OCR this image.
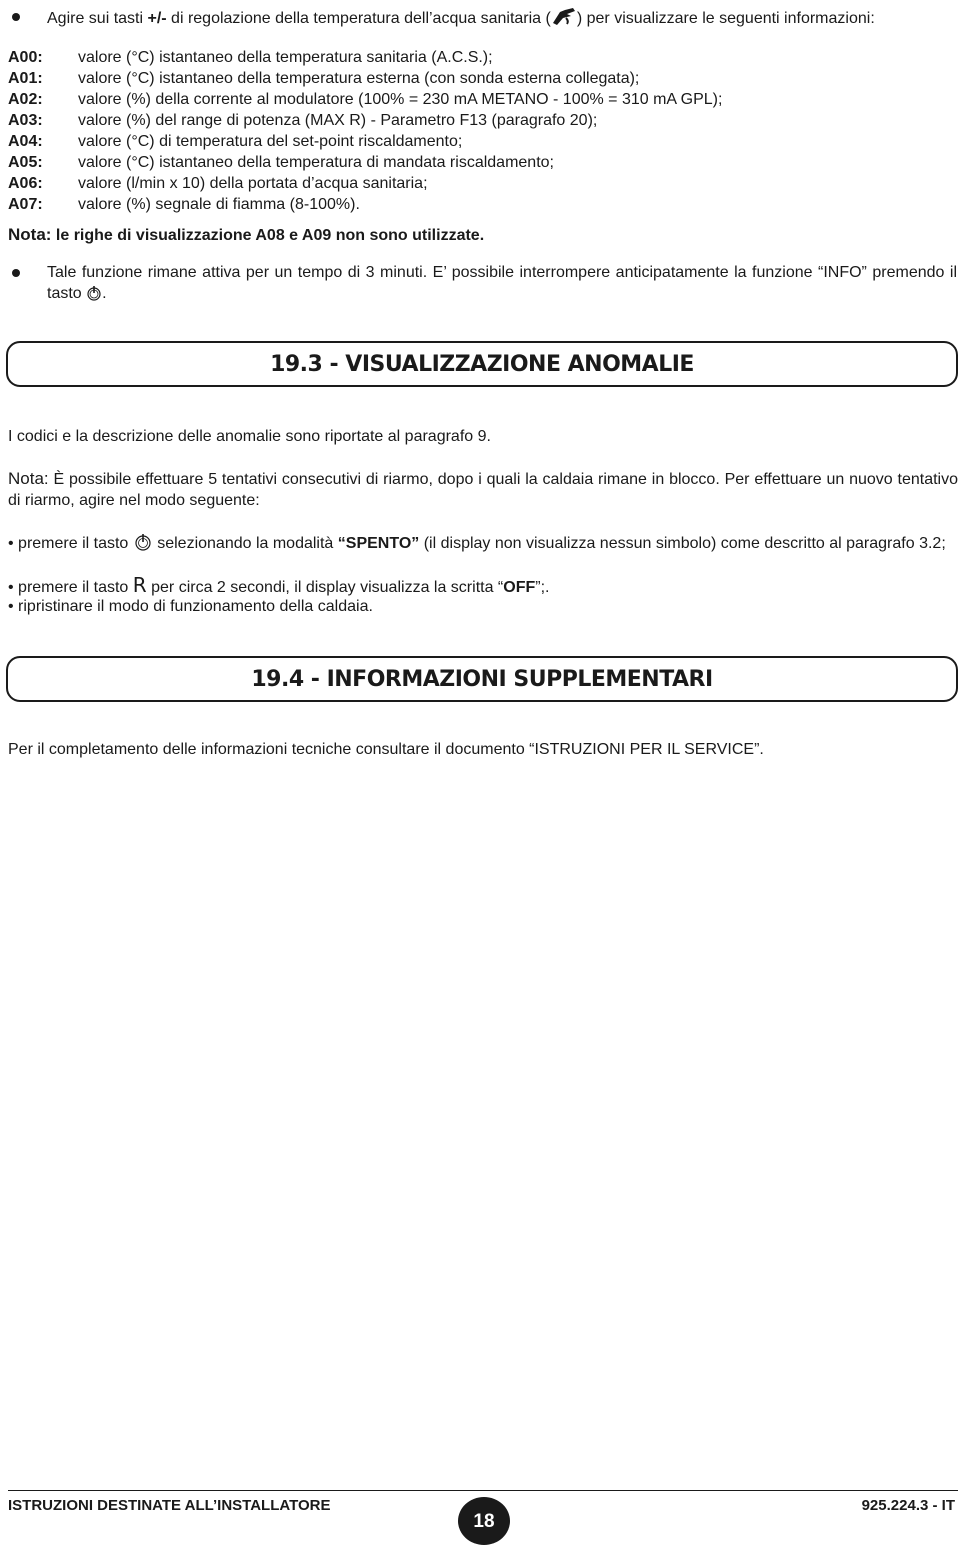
Agire sui tasti +/- di regolazione della temperatura dell’acqua sanitaria ( ) per visualizzare le seguenti informazioni:
A00:	valore (°C) istantaneo della temperatura sanitaria (A.C.S.);
A01:	valore (°C) istantaneo della temperatura esterna (con sonda esterna collegata);
A02:	valore (%) della corrente al modulatore (100% = 230 mA METANO - 100% = 310 mA GPL);
A03:	valore (%) del range di potenza (MAX R) - Parametro F13 (paragrafo 20);
A04:	valore (°C) di temperatura del set-point riscaldamento;
A05:	valore (°C) istantaneo della temperatura di mandata riscaldamento;
A06:	valore (l/min x 10) della portata d’acqua sanitaria;
A07:	valore (%) segnale di fiamma (8-100%).
Nota: le righe di visualizzazione A08 e A09 non sono utilizzate.
Tale funzione rimane attiva per un tempo di 3 minuti. E’ possibile interrompere anticipatamente la funzione “INFO” premendo il tasto .
19.3 - VISUALIZZAZIONE ANOMALIE
I codici e la descrizione delle anomalie sono riportate al paragrafo 9.
Nota: È possibile effettuare 5 tentativi consecutivi di riarmo, dopo i quali la caldaia rimane in blocco. Per effettuare un nuovo tentativo di riarmo, agire nel modo seguente:
• premere il tasto  selezionando la modalità “SPENTO” (il display non visualizza nessun simbolo) come descritto al paragrafo 3.2;
• premere il tasto R per circa 2 secondi, il display visualizza la scritta “OFF”;.
• ripristinare il modo di funzionamento della caldaia.
19.4 - INFORMAZIONI SUPPLEMENTARI
Per il completamento delle informazioni tecniche consultare il documento “ISTRUZIONI PER IL SERVICE”.
ISTRUZIONI DESTINATE ALL’INSTALLATORE
18
925.224.3 - IT
